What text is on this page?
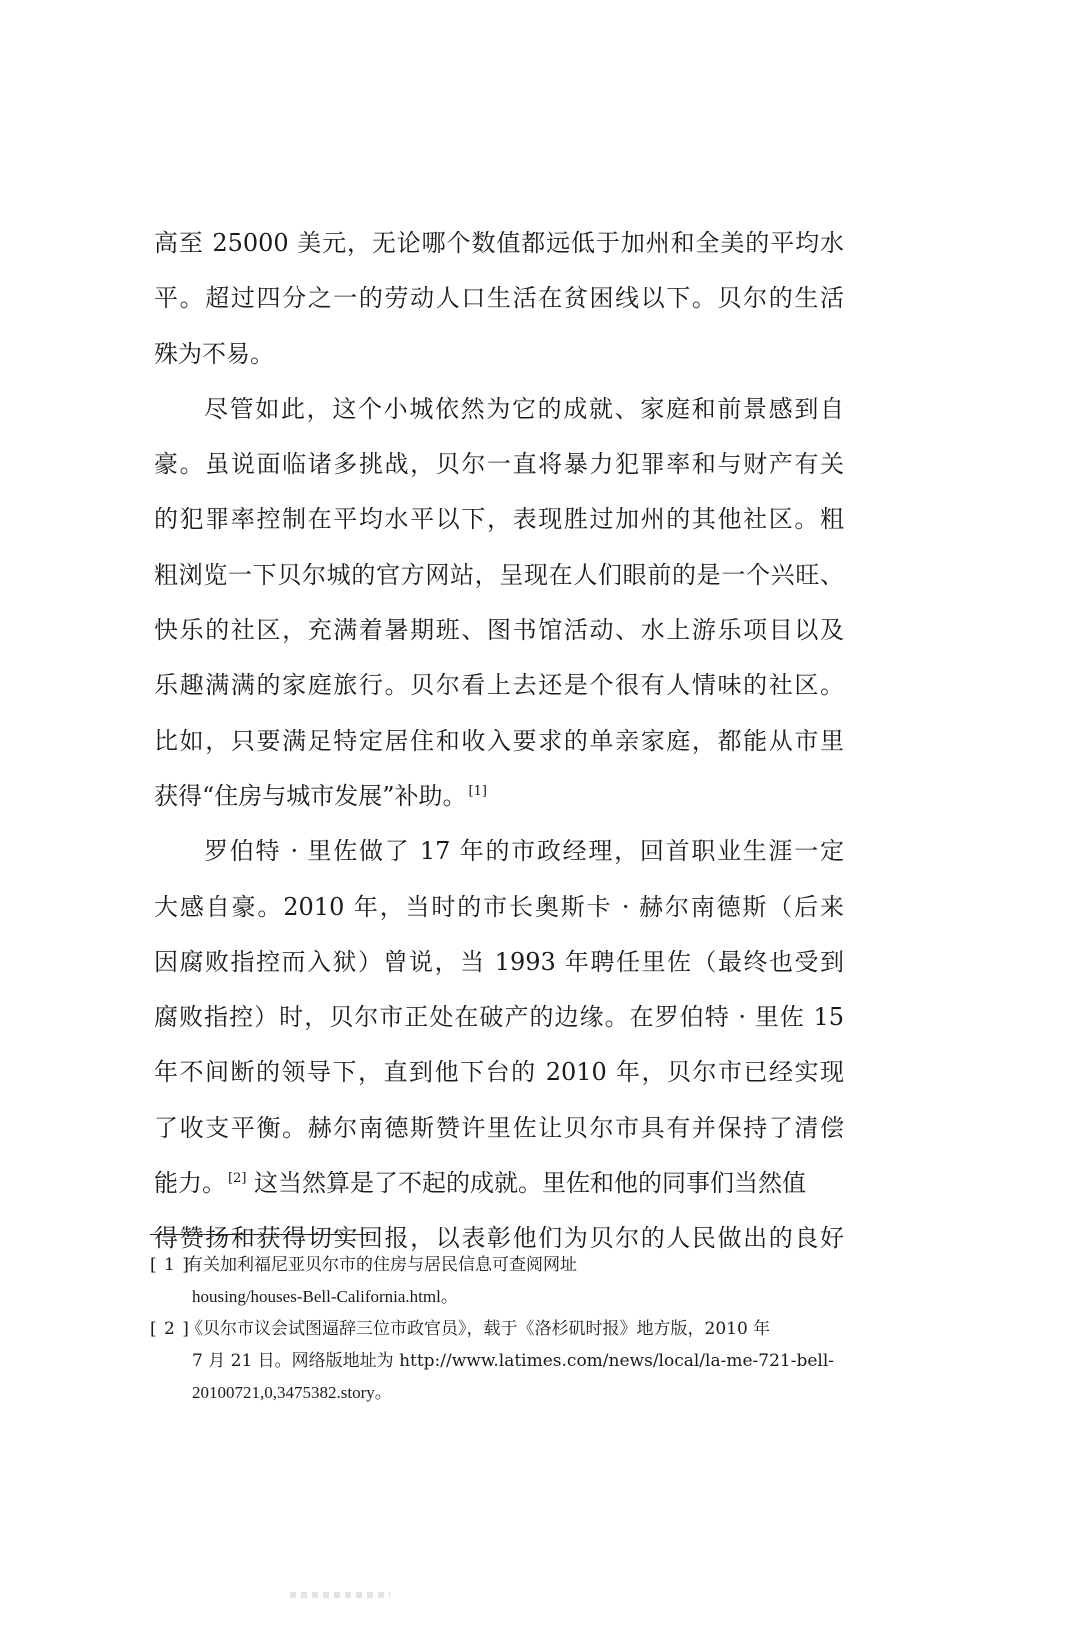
高至 25000 美元，无论哪个数值都远低于加州和全美的平均水
平。超过四分之一的劳动人口生活在贫困线以下。贝尔的生活
殊为不易。
尽管如此，这个小城依然为它的成就、家庭和前景感到自
豪。虽说面临诸多挑战，贝尔一直将暴力犯罪率和与财产有关
的犯罪率控制在平均水平以下，表现胜过加州的其他社区。粗
粗浏览一下贝尔城的官方网站，呈现在人们眼前的是一个兴旺、
快乐的社区，充满着暑期班、图书馆活动、水上游乐项目以及
乐趣满满的家庭旅行。贝尔看上去还是个很有人情味的社区。
比如，只要满足特定居住和收入要求的单亲家庭，都能从市里
获得“住房与城市发展”补助。 [1]
罗伯特 · 里佐做了 17 年的市政经理，回首职业生涯一定
大感自豪。2010 年，当时的市长奥斯卡 · 赫尔南德斯（后来
因腐败指控而入狱）曾说，当 1993 年聘任里佐（最终也受到
腐败指控）时，贝尔市正处在破产的边缘。在罗伯特 · 里佐 15
年不间断的领导下，直到他下台的 2010 年，贝尔市已经实现
了收支平衡。赫尔南德斯赞许里佐让贝尔市具有并保持了清偿
能力。 [2] 这当然算是了不起的成就。里佐和他的同事们当然值
得赞扬和获得切实回报，以表彰他们为贝尔的人民做出的良好
[ 1 ]有关加利福尼亚贝尔市的住房与居民信息可查阅网址
housing/houses-Bell-California.html。
[ 2 ]《贝尔市议会试图逼辞三位市政官员》，载于《洛杉矶时报》地方版，2010 年
7 月 21 日。网络版地址为 http://www.latimes.com/news/local/la-me-721-bell-
20100721,0,3475382.story。
